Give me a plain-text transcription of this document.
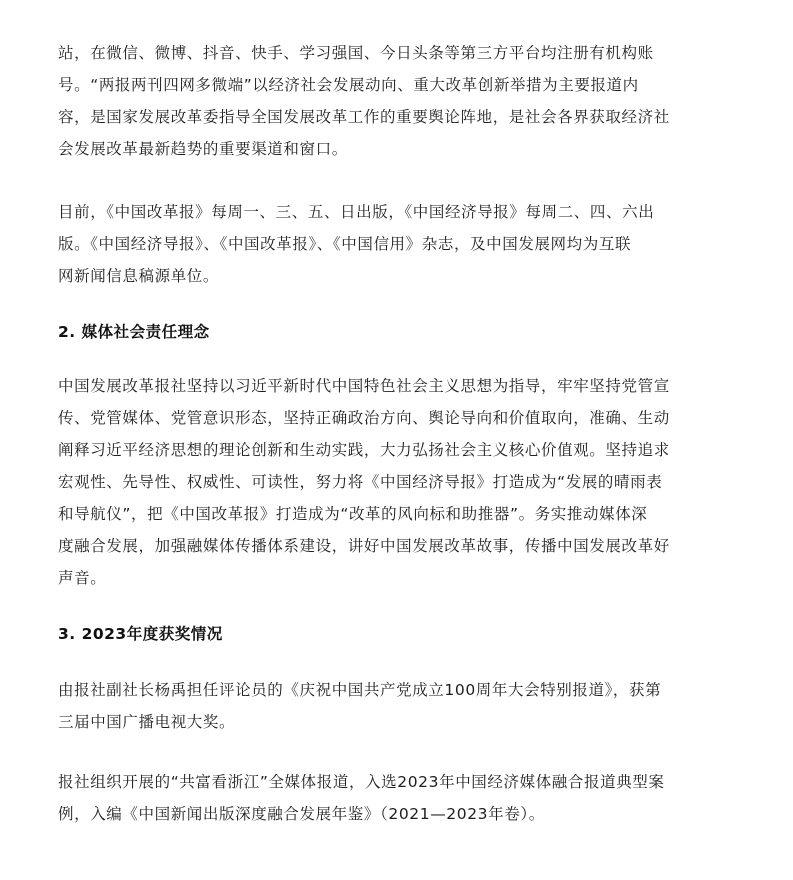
站，在微信、微博、抖音、快手、学习强国、今日头条等第三方平台均注册有机构账
号。“两报两刊四网多微端”以经济社会发展动向、重大改革创新举措为主要报道内
容，是国家发展改革委指导全国发展改革工作的重要舆论阵地，是社会各界获取经济社
会发展改革最新趋势的重要渠道和窗口。

目前，《中国改革报》每周一、三、五、日出版，《中国经济导报》每周二、四、六出
版。《中国经济导报》、《中国改革报》、《中国信用》杂志，及中国发展网均为互联
网新闻信息稿源单位。

2. 媒体社会责任理念

中国发展改革报社坚持以习近平新时代中国特色社会主义思想为指导，牢牢坚持党管宣
传、党管媒体、党管意识形态，坚持正确政治方向、舆论导向和价值取向，准确、生动
阐释习近平经济思想的理论创新和生动实践，大力弘扬社会主义核心价值观。坚持追求
宏观性、先导性、权威性、可读性，努力将《中国经济导报》打造成为“发展的晴雨表
和导航仪”，把《中国改革报》打造成为“改革的风向标和助推器”。务实推动媒体深
度融合发展，加强融媒体传播体系建设，讲好中国发展改革故事，传播中国发展改革好
声音。

3. 2023年度获奖情况

由报社副社长杨禹担任评论员的《庆祝中国共产党成立100周年大会特别报道》，获第
三届中国广播电视大奖。

报社组织开展的“共富看浙江”全媒体报道，入选2023年中国经济媒体融合报道典型案
例，入编《中国新闻出版深度融合发展年鉴》（2021—2023年卷）。
